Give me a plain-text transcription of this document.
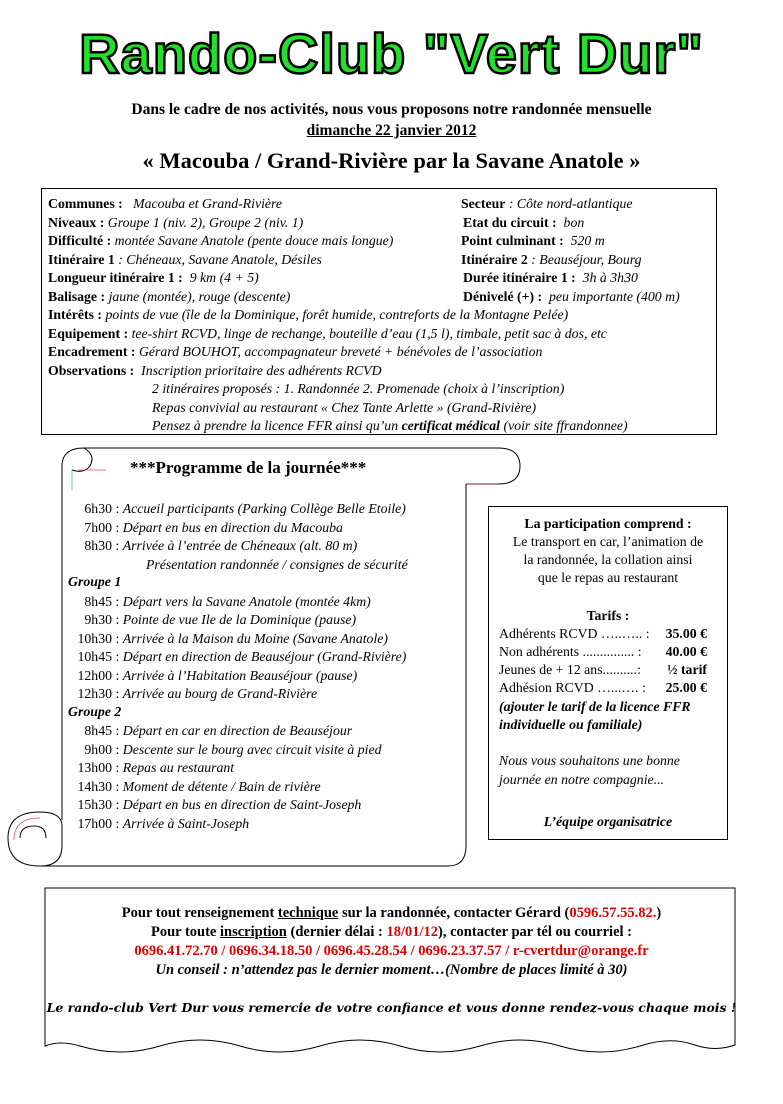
Rando-Club "Vert Dur"
Dans le cadre de nos activités, nous vous proposons notre randonnée mensuelle
dimanche 22 janvier 2012
« Macouba / Grand-Rivière par la Savane Anatole »
Communes : Macouba et Grand-Rivière	Secteur : Côte nord-atlantique
Niveaux : Groupe 1 (niv. 2), Groupe 2 (niv. 1)	Etat du circuit : bon
Difficulté : montée Savane Anatole (pente douce mais longue)	Point culminant : 520 m
Itinéraire 1 : Chéneaux, Savane Anatole, Désiles	Itinéraire 2 : Beauséjour, Bourg
Longueur itinéraire 1 : 9 km (4 + 5)	Durée itinéraire 1 : 3h à 3h30
Balisage : jaune (montée), rouge (descente)	Dénivelé (+) : peu importante (400 m)
Intérêts : points de vue (île de la Dominique, forêt humide, contreforts de la Montagne Pelée)
Equipement : tee-shirt RCVD, linge de rechange, bouteille d’eau (1,5 l), timbale, petit sac à dos, etc
Encadrement : Gérard BOUHOT, accompagnateur breveté + bénévoles de l’association
Observations : Inscription prioritaire des adhérents RCVD
2 itinéraires proposés : 1. Randonnée 2. Promenade (choix à l’inscription)
Repas convivial au restaurant « Chez Tante Arlette » (Grand-Rivière)
Pensez à prendre la licence FFR ainsi qu’un certificat médical (voir site ffrandonnee)
***Programme de la journée***
6h30 : Accueil participants (Parking Collège Belle Etoile)
7h00 : Départ en bus en direction du Macouba
8h30 : Arrivée à l’entrée de Chéneaux (alt. 80 m)
Présentation randonnée / consignes de sécurité
Groupe 1
8h45 : Départ vers la Savane Anatole (montée 4km)
9h30 : Pointe de vue Ile de la Dominique (pause)
10h30 : Arrivée à la Maison du Moine (Savane Anatole)
10h45 : Départ en direction de Beauséjour (Grand-Rivière)
12h00 : Arrivée à l’Habitation Beauséjour (pause)
12h30 : Arrivée au bourg de Grand-Rivière
Groupe 2
8h45 : Départ en car en direction de Beauséjour
9h00 : Descente sur le bourg avec circuit visite à pied
13h00 : Repas au restaurant
14h30 : Moment de détente / Bain de rivière
15h30 : Départ en bus en direction de Saint-Joseph
17h00 : Arrivée à Saint-Joseph
La participation comprend :
Le transport en car, l’animation de
la randonnée, la collation ainsi
que le repas au restaurant
Tarifs :
Adhérents RCVD …..….. : 35.00 €
Non adhérents ............... : 40.00 €
Jeunes de + 12 ans..........: ½ tarif
Adhésion RCVD …...…. : 25.00 €
(ajouter le tarif de la licence FFR
individuelle ou familiale)
Nous vous souhaitons une bonne
journée en notre compagnie...
L’équipe organisatrice
Pour tout renseignement technique sur la randonnée, contacter Gérard (0596.57.55.82.)
Pour toute inscription (dernier délai : 18/01/12), contacter par tél ou courriel :
0696.41.72.70 / 0696.34.18.50 / 0696.45.28.54 / 0696.23.37.57 / r-cvertdur@orange.fr
Un conseil : n’attendez pas le dernier moment…(Nombre de places limité à 30)
Le rando-club Vert Dur vous remercie de votre confiance et vous donne rendez-vous chaque mois !
